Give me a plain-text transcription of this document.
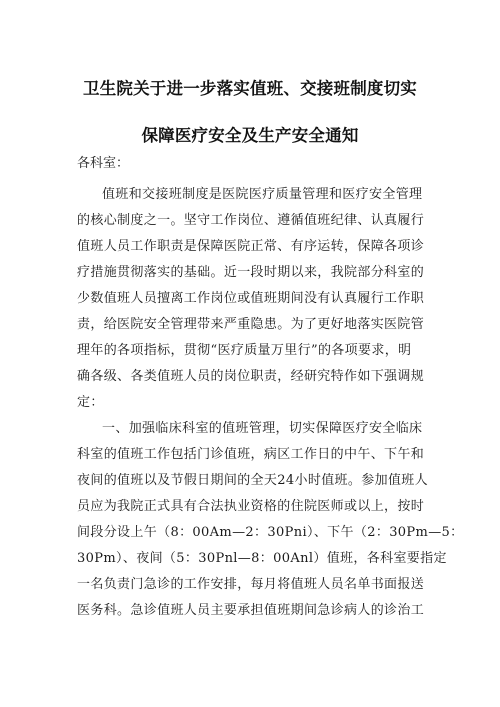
卫生院关于进一步落实值班、交接班制度切实
保障医疗安全及生产安全通知
各科室：
值班和交接班制度是医院医疗质量管理和医疗安全管理
的核心制度之一。坚守工作岗位、遵循值班纪律、认真履行
值班人员工作职责是保障医院正常、有序运转，保障各项诊
疗措施贯彻落实的基础。近一段时期以来，我院部分科室的
少数值班人员擅离工作岗位或值班期间没有认真履行工作职
责，给医院安全管理带来严重隐患。为了更好地落实医院管
理年的各项指标，贯彻“医疗质量万里行”的各项要求，明
确各级、各类值班人员的岗位职责，经研究特作如下强调规
定：
一、加强临床科室的值班管理，切实保障医疗安全临床
科室的值班工作包括门诊值班，病区工作日的中午、下午和
夜间的值班以及节假日期间的全天24小时值班。参加值班人
员应为我院正式具有合法执业资格的住院医师或以上，按时
间段分设上午（8：00Am—2：30Pni）、下午（2：30Pm—5：
30Pm）、夜间（5：30Pnl—8：00Anl）值班，各科室要指定
一名负责门急诊的工作安排，每月将值班人员名单书面报送
医务科。急诊值班人员主要承担值班期间急诊病人的诊治工
